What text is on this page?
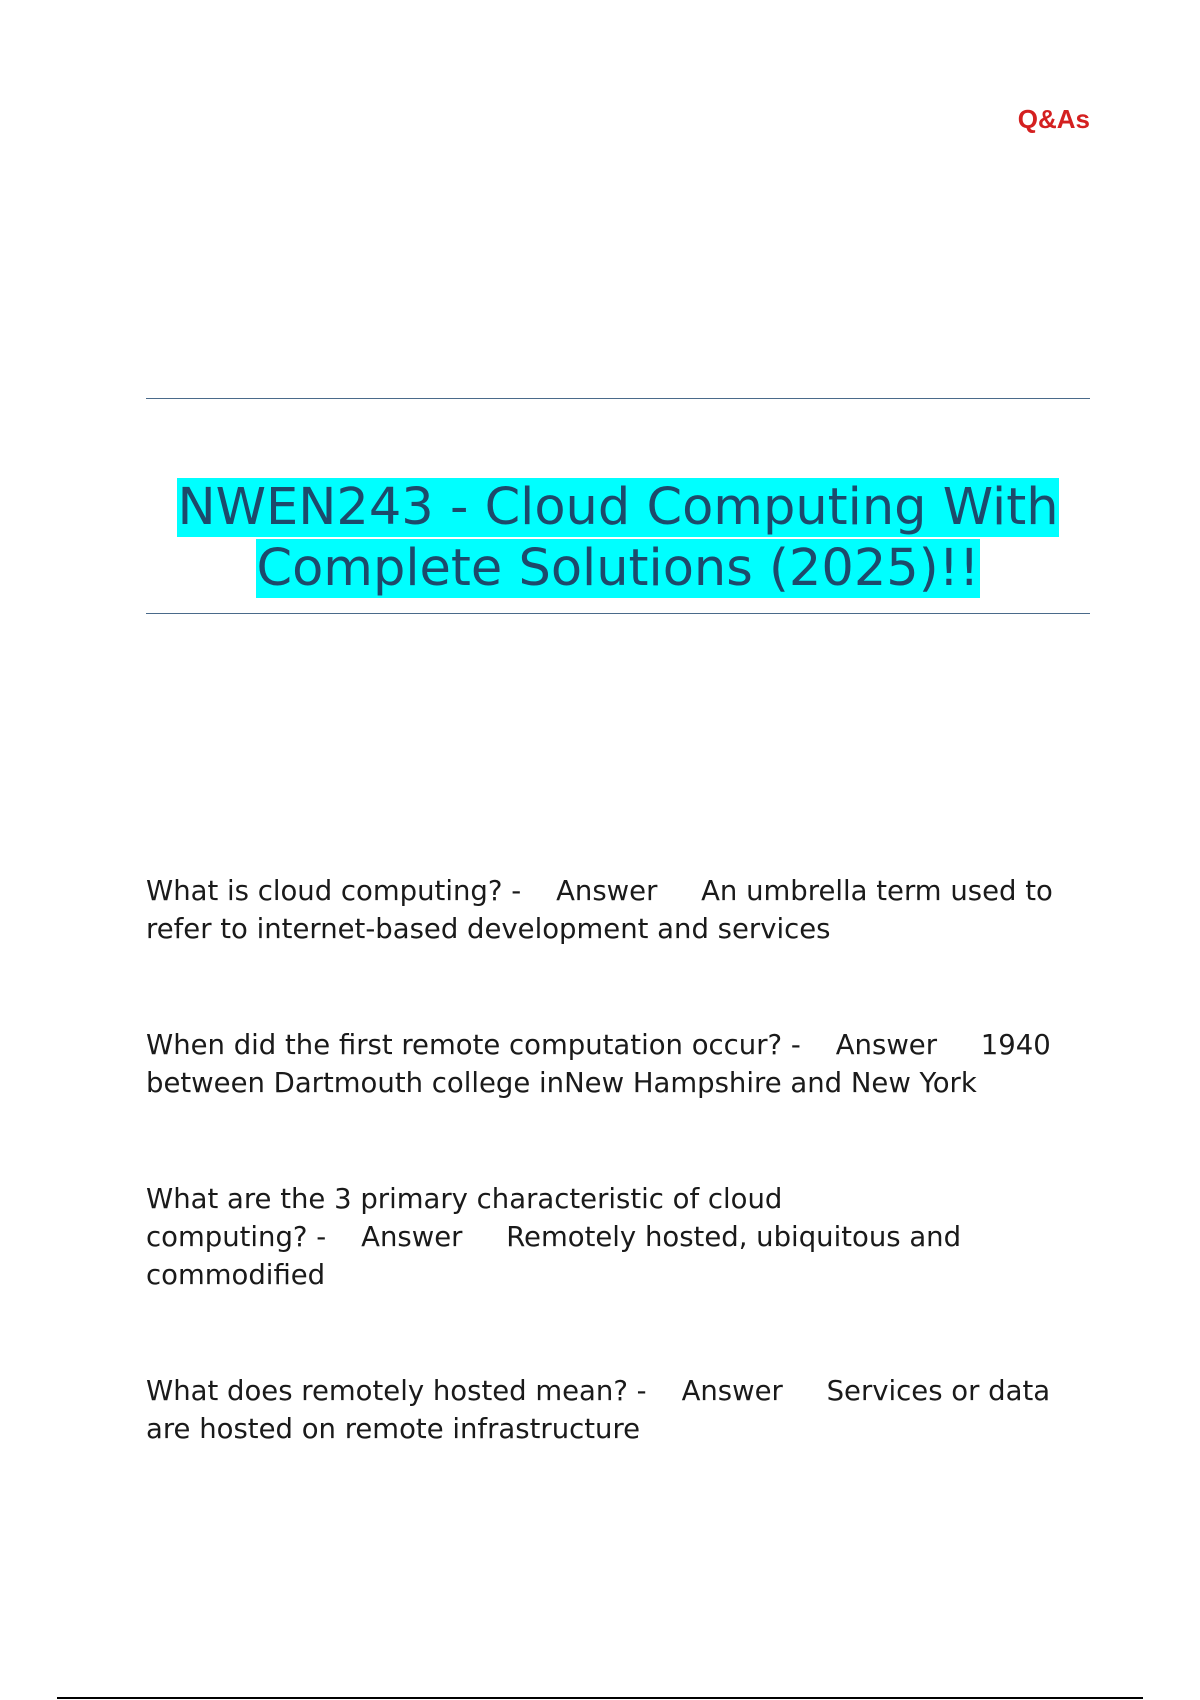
Q&As
NWEN243 - Cloud Computing With Complete Solutions (2025)!!
What is cloud computing? -    Answer An umbrella term used to refer to internet-based development and services
When did the first remote computation occur? -    Answer 1940 between Dartmouth college inNew Hampshire and New York
What are the 3 primary characteristic of cloud computing? -    Answer Remotely hosted, ubiquitous and commodified
What does remotely hosted mean? -    Answer Services or data are hosted on remote infrastructure
